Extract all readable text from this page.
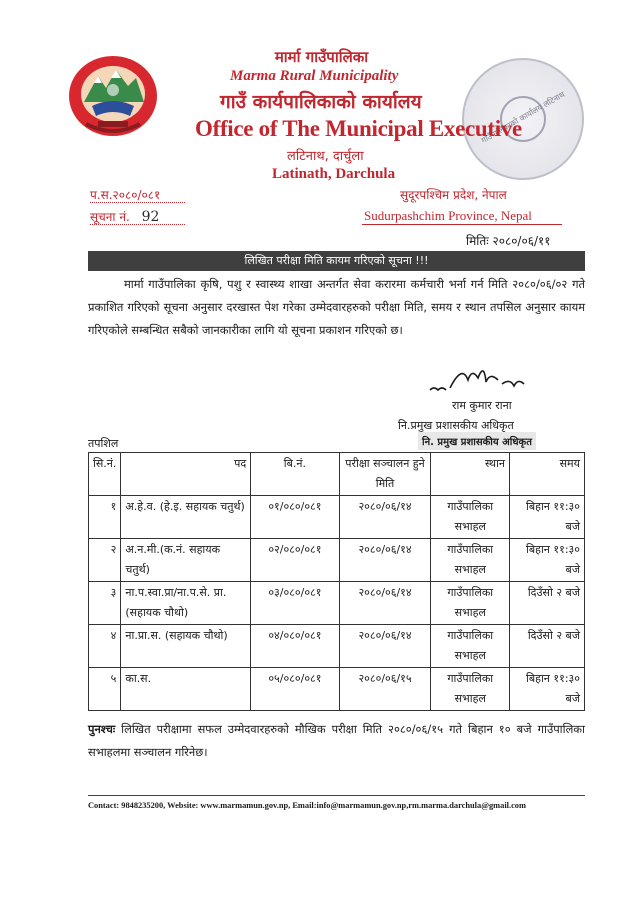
गाउँपालिकाको कार्यालय लटिनाथ
मार्मा गाउँपालिका
Marma Rural Municipality
गाउँ कार्यपालिकाको कार्यालय
Office of The Municipal Executive
लटिनाथ, दार्चुला
Latinath, Darchula
प.स.२०८०/०८१
सूचना नं. 92
सुदूरपश्चिम प्रदेश, नेपाल
Sudurpashchim Province, Nepal
मितिः २०८०/०६/११
लिखित परीक्षा मिति कायम गरिएको सूचना !!!

मार्मा गाउँपालिका कृषि, पशु र स्वास्थ्य शाखा अन्तर्गत सेवा करारमा कर्मचारी भर्ना गर्न मिति २०८०/०६/०२ गते प्रकाशित गरिएको सूचना अनुसार दरखास्त पेश गरेका उम्मेदवारहरुको परीक्षा मिति, समय र स्थान तपसिल अनुसार कायम गरिएकोले सम्बन्धित सबैको जानकारीका लागि यो सूचना प्रकाशन गरिएको छ।

राम कुमार राना
नि.प्रमुख प्रशासकीय अधिकृत
नि. प्रमुख प्रशासकीय अधिकृत
तपशिल
सि.नं.	पद	बि.नं.	परीक्षा सञ्चालन हुने मिति	स्थान	समय
१	अ.हे.व. (हे.इ. सहायक चतुर्थ)	०१/०८०/०८१	२०८०/०६/१४	गाउँपालिका सभाहल	बिहान ११:३० बजे
२	अ.न.मी.(क.नं. सहायक चतुर्थ)	०२/०८०/०८१	२०८०/०६/१४	गाउँपालिका सभाहल	बिहान ११:३० बजे
३	ना.प.स्वा.प्रा/ना.प.से. प्रा.(सहायक चौथो)	०३/०८०/०८१	२०८०/०६/१४	गाउँपालिका सभाहल	दिउँसो २ बजे
४	ना.प्रा.स. (सहायक चौथो)	०४/०८०/०८१	२०८०/०६/१४	गाउँपालिका सभाहल	दिउँसो २ बजे
५	का.स.	०५/०८०/०८१	२०८०/०६/१५	गाउँपालिका सभाहल	बिहान ११:३० बजे
पुनश्चः लिखित परीक्षामा सफल उम्मेदवारहरुको मौखिक परीक्षा मिति २०८०/०६/१५ गते बिहान १० बजे गाउँपालिका सभाहलमा सञ्चालन गरिनेछ।
Contact: 9848235200, Website: www.marmamun.gov.np, Email:info@marmamun.gov.np,rm.marma.darchula@gmail.com
